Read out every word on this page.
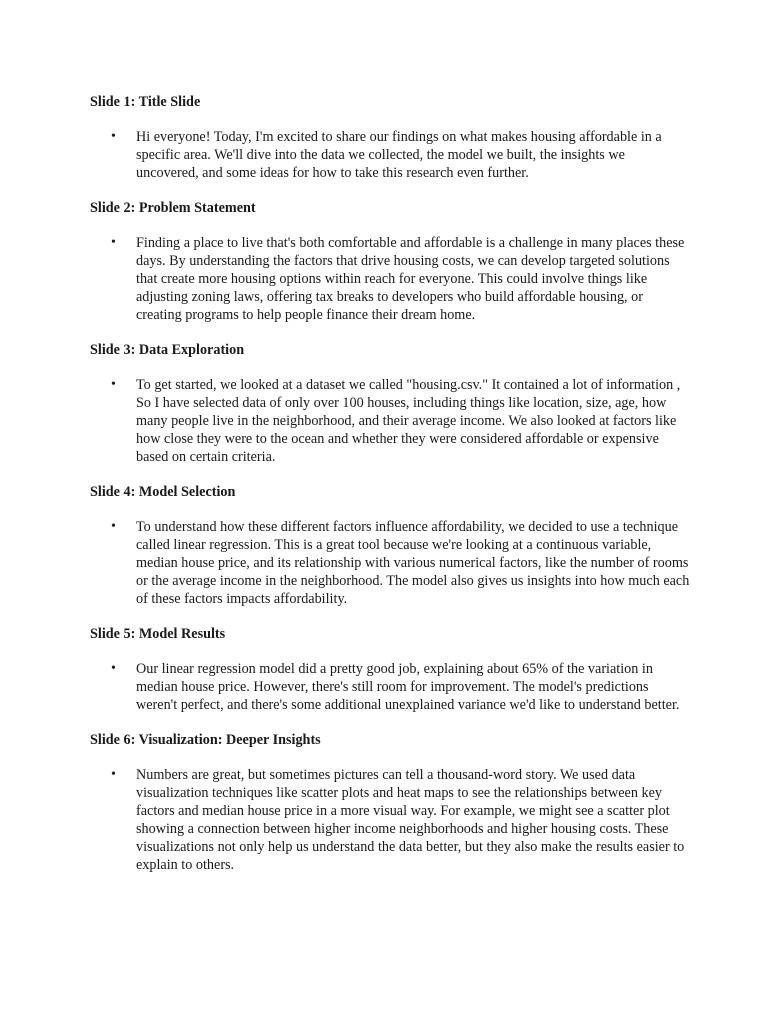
Slide 1: Title Slide

• Hi everyone! Today, I'm excited to share our findings on what makes housing affordable in a specific area. We'll dive into the data we collected, the model we built, the insights we uncovered, and some ideas for how to take this research even further.

Slide 2: Problem Statement

• Finding a place to live that's both comfortable and affordable is a challenge in many places these days. By understanding the factors that drive housing costs, we can develop targeted solutions that create more housing options within reach for everyone. This could involve things like adjusting zoning laws, offering tax breaks to developers who build affordable housing, or creating programs to help people finance their dream home.

Slide 3: Data Exploration

• To get started, we looked at a dataset we called "housing.csv." It contained a lot of information , So I have selected data of only over 100 houses, including things like location, size, age, how many people live in the neighborhood, and their average income. We also looked at factors like how close they were to the ocean and whether they were considered affordable or expensive based on certain criteria.

Slide 4: Model Selection

• To understand how these different factors influence affordability, we decided to use a technique called linear regression. This is a great tool because we're looking at a continuous variable, median house price, and its relationship with various numerical factors, like the number of rooms or the average income in the neighborhood. The model also gives us insights into how much each of these factors impacts affordability.

Slide 5: Model Results

• Our linear regression model did a pretty good job, explaining about 65% of the variation in median house price. However, there's still room for improvement. The model's predictions weren't perfect, and there's some additional unexplained variance we'd like to understand better.

Slide 6: Visualization: Deeper Insights

• Numbers are great, but sometimes pictures can tell a thousand-word story. We used data visualization techniques like scatter plots and heat maps to see the relationships between key factors and median house price in a more visual way. For example, we might see a scatter plot showing a connection between higher income neighborhoods and higher housing costs. These visualizations not only help us understand the data better, but they also make the results easier to explain to others.
